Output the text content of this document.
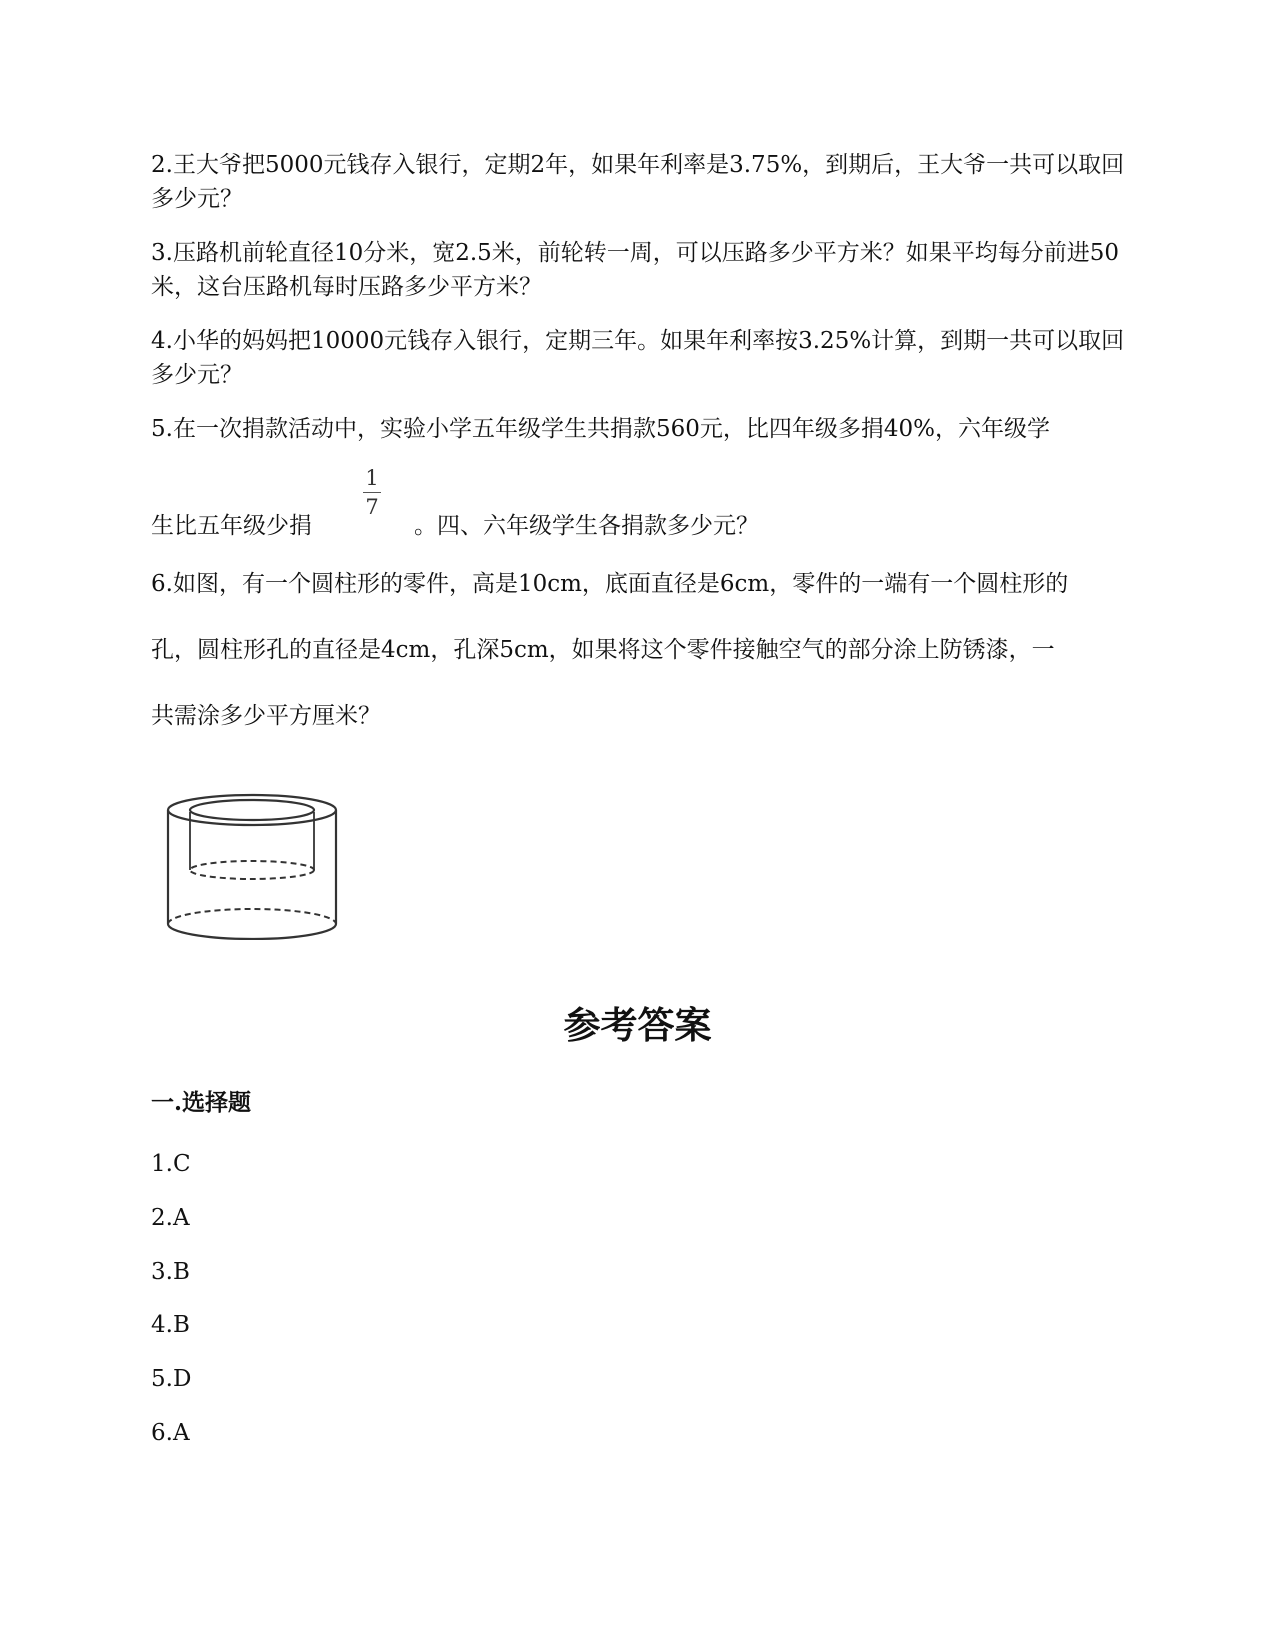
2.王大爷把5000元钱存入银行，定期2年，如果年利率是3.75%，到期后，王大爷一共可以取回多少元？

3.压路机前轮直径10分米，宽2.5米，前轮转一周，可以压路多少平方米？如果平均每分前进50米，这台压路机每时压路多少平方米？

4.小华的妈妈把10000元钱存入银行，定期三年。如果年利率按3.25%计算，到期一共可以取回多少元？

5.在一次捐款活动中，实验小学五年级学生共捐款560元，比四年级多捐40%，六年级学

生比五年级少捐

1
7

。四、六年级学生各捐款多少元？

6.如图，有一个圆柱形的零件，高是10cm，底面直径是6cm，零件的一端有一个圆柱形的

孔，圆柱形孔的直径是4cm，孔深5cm，如果将这个零件接触空气的部分涂上防锈漆，一

共需涂多少平方厘米？

参考答案
一.选择题
1.C
2.A
3.B
4.B
5.D
6.A
